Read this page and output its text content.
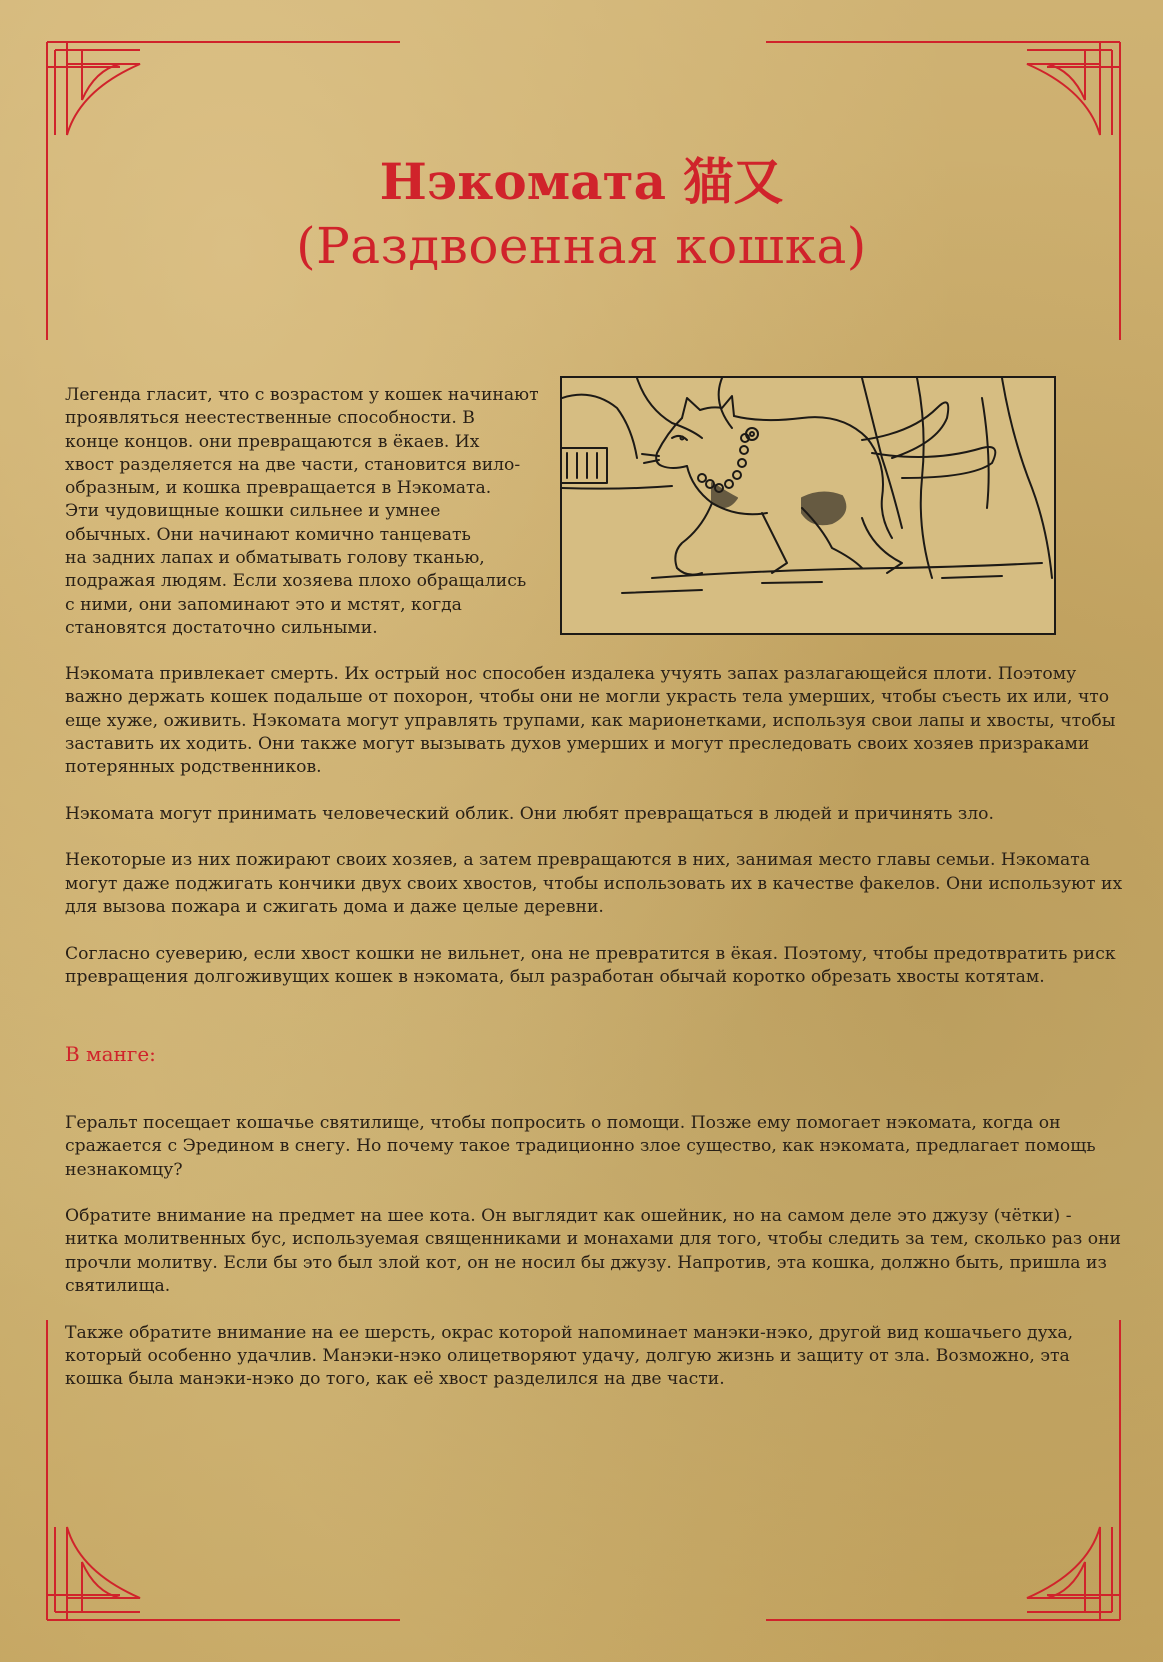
Нэкомата 猫又
(Раздвоенная кошка)
Легенда гласит, что с возрастом у кошек начинают
проявляться неестественные способности. В
конце концов. они превращаются в ёкаев. Их
хвост разделяется на две части, становится вило-
образным, и кошка превращается в Нэкомата.
Эти чудовищные кошки сильнее и умнее
обычных. Они начинают комично танцевать
на задних лапах и обматывать голову тканью,
подражая людям. Если хозяева плохо обращались
с ними, они запоминают это и мстят, когда
становятся достаточно сильными.

Нэкомата привлекает смерть. Их острый нос способен издалека учуять запах разлагающейся плоти. Поэтому важно держать кошек подальше от похорон, чтобы они не могли украсть тела умерших, чтобы съесть их или, что еще хуже, оживить. Нэкомата могут управлять трупами, как марионетками, используя свои лапы и хвосты, чтобы заставить их ходить. Они также могут вызывать духов умерших и могут преследовать своих хозяев призраками потерянных родственников.

Нэкомата могут принимать человеческий облик. Они любят превращаться в людей и причинять зло.

Некоторые из них пожирают своих хозяев, а затем превращаются в них, занимая место главы семьи. Нэкомата могут даже поджигать кончики двух своих хвостов, чтобы использовать их в качестве факелов. Они используют их для вызова пожара и сжигать дома и даже целые деревни.

Согласно суеверию, если хвост кошки не вильнет, она не превратится в ёкая. Поэтому, чтобы предотвратить риск превращения долгоживущих кошек в нэкомата, был разработан обычай коротко обрезать хвосты котятам.

В манге:

Геральт посещает кошачье святилище, чтобы попросить о помощи. Позже ему помогает нэкомата, когда он сражается с Эредином в снегу. Но почему такое традиционно злое существо, как нэкомата, предлагает помощь незнакомцу?

Обратите внимание на предмет на шее кота. Он выглядит как ошейник, но на самом деле это джузу (чётки) - нитка молитвенных бус, используемая священниками и монахами для того, чтобы следить за тем, сколько раз они прочли молитву. Если бы это был злой кот, он не носил бы джузу. Напротив, эта кошка, должно быть, пришла из святилища.

Также обратите внимание на ее шерсть, окрас которой напоминает манэки-нэко, другой вид кошачьего духа, который особенно удачлив. Манэки-нэко олицетворяют удачу, долгую жизнь и защиту от зла. Возможно, эта кошка была манэки-нэко до того, как её хвост разделился на две части.
